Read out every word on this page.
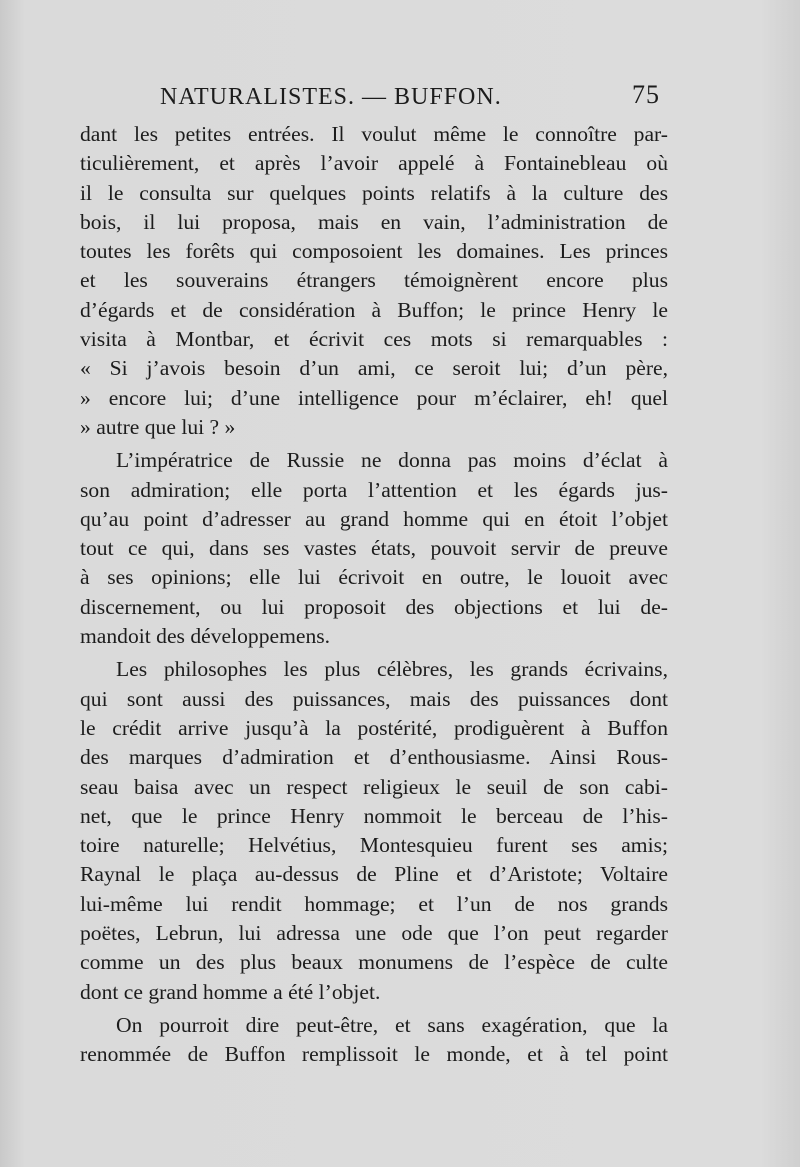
NATURALISTES. — BUFFON.	75
dant les petites entrées. Il voulut même le connoître par-
ticulièrement, et après l’avoir appelé à Fontainebleau où
il le consulta sur quelques points relatifs à la culture des
bois, il lui proposa, mais en vain, l’administration de
toutes les forêts qui composoient les domaines. Les princes
et les souverains étrangers témoignèrent encore plus
d’égards et de considération à Buffon; le prince Henry le
visita à Montbar, et écrivit ces mots si remarquables :
« Si j’avois besoin d’un ami, ce seroit lui; d’un père,
» encore lui; d’une intelligence pour m’éclairer, eh! quel
» autre que lui ? »
L’impératrice de Russie ne donna pas moins d’éclat à
son admiration; elle porta l’attention et les égards jus-
qu’au point d’adresser au grand homme qui en étoit l’objet
tout ce qui, dans ses vastes états, pouvoit servir de preuve
à ses opinions; elle lui écrivoit en outre, le louoit avec
discernement, ou lui proposoit des objections et lui de-
mandoit des développemens.
Les philosophes les plus célèbres, les grands écrivains,
qui sont aussi des puissances, mais des puissances dont
le crédit arrive jusqu’à la postérité, prodiguèrent à Buffon
des marques d’admiration et d’enthousiasme. Ainsi Rous-
seau baisa avec un respect religieux le seuil de son cabi-
net, que le prince Henry nommoit le berceau de l’his-
toire naturelle; Helvétius, Montesquieu furent ses amis;
Raynal le plaça au-dessus de Pline et d’Aristote; Voltaire
lui-même lui rendit hommage; et l’un de nos grands
poëtes, Lebrun, lui adressa une ode que l’on peut regarder
comme un des plus beaux monumens de l’espèce de culte
dont ce grand homme a été l’objet.
On pourroit dire peut-être, et sans exagération, que la
renommée de Buffon remplissoit le monde, et à tel point
